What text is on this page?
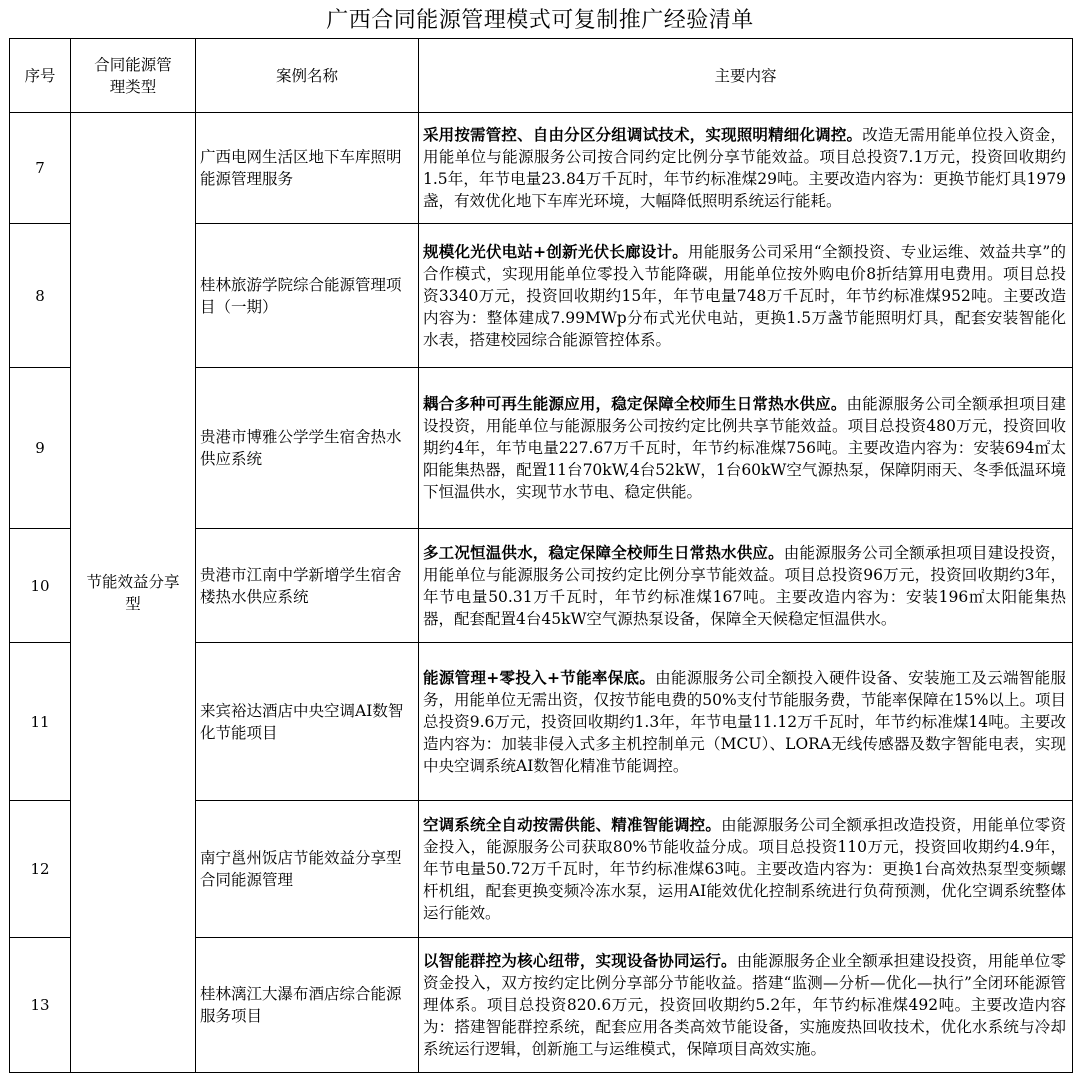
广西合同能源管理模式可复制推广经验清单
序号	合同能源管理类型	案例名称	主要内容
7	节能效益分享型	广西电网生活区地下车库照明能源管理服务	采用按需管控、自由分区分组调试技术，实现照明精细化调控。改造无需用能单位投入资金，用能单位与能源服务公司按合同约定比例分享节能效益。项目总投资7.1万元，投资回收期约1.5年，年节电量23.84万千瓦时，年节约标准煤29吨。主要改造内容为：更换节能灯具1979盏，有效优化地下车库光环境，大幅降低照明系统运行能耗。
8		桂林旅游学院综合能源管理项目（一期）	规模化光伏电站+创新光伏长廊设计。用能服务公司采用“全额投资、专业运维、效益共享”的合作模式，实现用能单位零投入节能降碳，用能单位按外购电价8折结算用电费用。项目总投资3340万元，投资回收期约15年，年节电量748万千瓦时，年节约标准煤952吨。主要改造内容为：整体建成7.99MWp分布式光伏电站，更换1.5万盏节能照明灯具，配套安装智能化水表，搭建校园综合能源管控体系。
9		贵港市博雅公学学生宿舍热水供应系统	耦合多种可再生能源应用，稳定保障全校师生日常热水供应。由能源服务公司全额承担项目建设投资，用能单位与能源服务公司按约定比例共享节能效益。项目总投资480万元，投资回收期约4年，年节电量227.67万千瓦时，年节约标准煤756吨。主要改造内容为：安装694㎡太阳能集热器，配置11台70kW,4台52kW，1台60kW空气源热泵，保障阴雨天、冬季低温环境下恒温供水，实现节水节电、稳定供能。
10		贵港市江南中学新增学生宿舍楼热水供应系统	多工况恒温供水，稳定保障全校师生日常热水供应。由能源服务公司全额承担项目建设投资，用能单位与能源服务公司按约定比例分享节能效益。项目总投资96万元，投资回收期约3年，年节电量50.31万千瓦时，年节约标准煤167吨。主要改造内容为：安装196㎡太阳能集热器，配套配置4台45kW空气源热泵设备，保障全天候稳定恒温供水。
11		来宾裕达酒店中央空调AI数智化节能项目	能源管理+零投入+节能率保底。由能源服务公司全额投入硬件设备、安装施工及云端智能服务，用能单位无需出资，仅按节能电费的50%支付节能服务费，节能率保障在15%以上。项目总投资9.6万元，投资回收期约1.3年，年节电量11.12万千瓦时，年节约标准煤14吨。主要改造内容为：加装非侵入式多主机控制单元（MCU）、LORA无线传感器及数字智能电表，实现中央空调系统AI数智化精准节能调控。
12		南宁邕州饭店节能效益分享型合同能源管理	空调系统全自动按需供能、精准智能调控。由能源服务公司全额承担改造投资，用能单位零资金投入，能源服务公司获取80%节能收益分成。项目总投资110万元，投资回收期约4.9年，年节电量50.72万千瓦时，年节约标准煤63吨。主要改造内容为：更换1台高效热泵型变频螺杆机组，配套更换变频冷冻水泵，运用AI能效优化控制系统进行负荷预测，优化空调系统整体运行能效。
13		桂林漓江大瀑布酒店综合能源服务项目	以智能群控为核心纽带，实现设备协同运行。由能源服务企业全额承担建设投资，用能单位零资金投入，双方按约定比例分享部分节能收益。搭建“监测—分析—优化—执行”全闭环能源管理体系。项目总投资820.6万元，投资回收期约5.2年，年节约标准煤492吨。主要改造内容为：搭建智能群控系统，配套应用各类高效节能设备，实施废热回收技术，优化水系统与冷却系统运行逻辑，创新施工与运维模式，保障项目高效实施。
